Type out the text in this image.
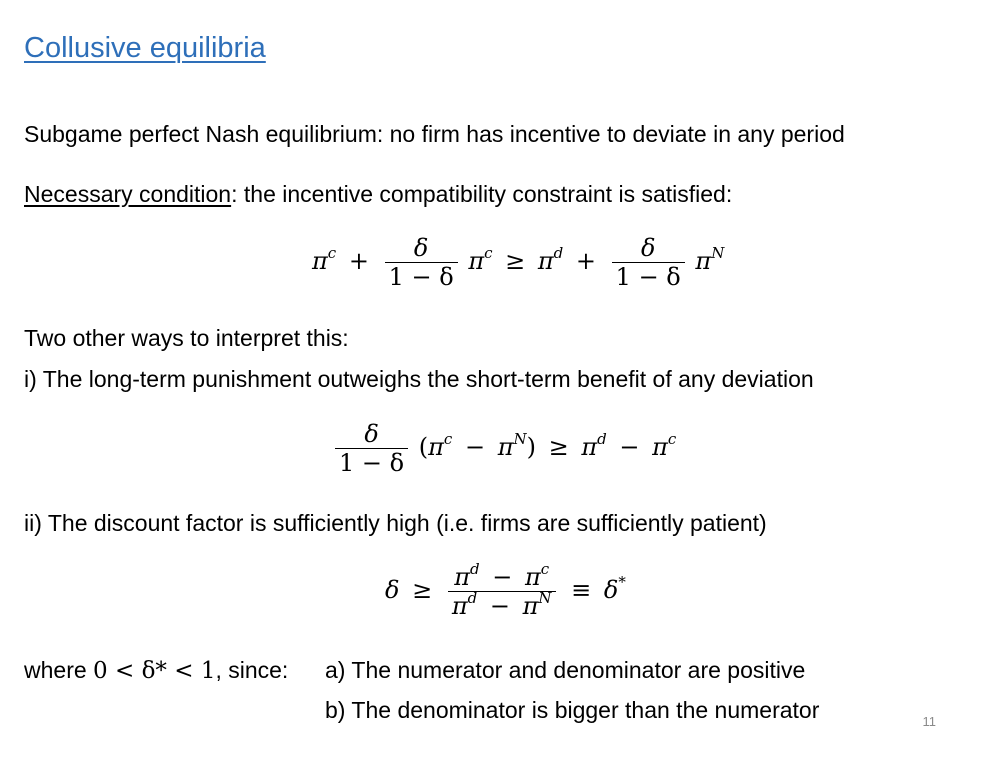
Collusive equilibria
Subgame perfect Nash equilibrium: no firm has incentive to deviate in any period
Necessary condition: the incentive compatibility constraint is satisfied:
$\pi^c + \frac{\delta}{1 - \delta} \pi^c \ge \pi^d + \frac{\delta}{1 - \delta} \pi^N$
Two other ways to interpret this:
i) The long-term punishment outweighs the short-term benefit of any deviation
$\frac{\delta}{1 - \delta} (\pi^c - \pi^N) \ge \pi^d - \pi^c$
ii) The discount factor is sufficiently high (i.e. firms are sufficiently patient)
$\delta \ge \frac{\pi^d - \pi^c}{\pi^d - \pi^N} \equiv \delta^*$
where 0 < δ* < 1, since: a) The numerator and denominator are positive
b) The denominator is bigger than the numerator	11
